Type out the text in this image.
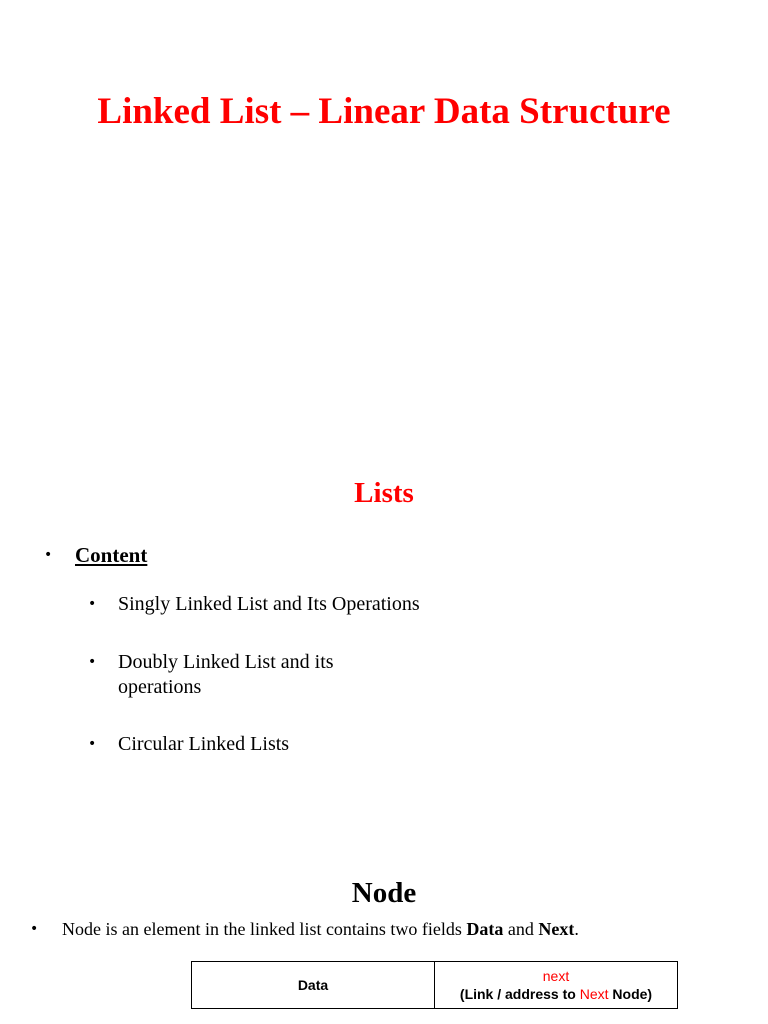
Linked List – Linear Data Structure
Lists
• Content
• Singly Linked List and Its Operations
• Doubly Linked List and its operations
• Circular Linked Lists
Node
• Node is an element in the linked list contains two fields Data and Next.
Data
next
(Link / address to Next Node)
